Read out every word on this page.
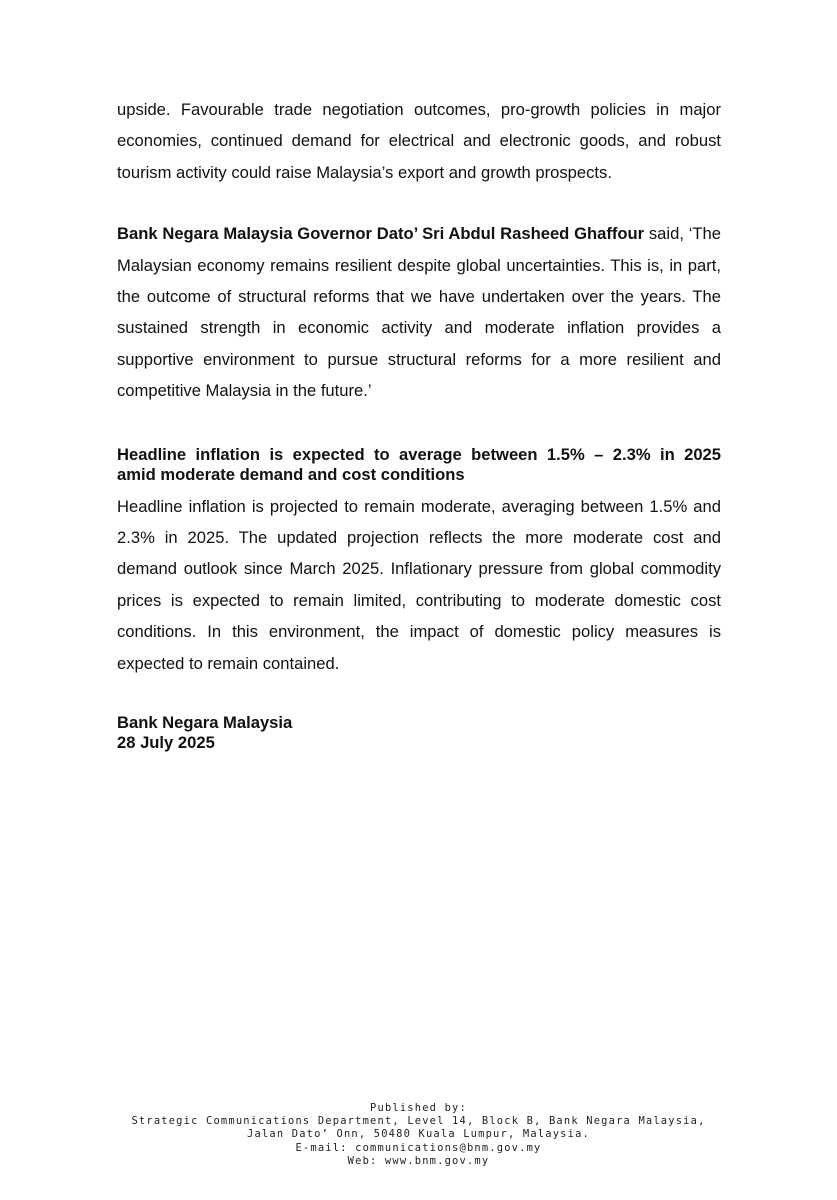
upside. Favourable trade negotiation outcomes, pro-growth policies in major economies, continued demand for electrical and electronic goods, and robust tourism activity could raise Malaysia’s export and growth prospects.

Bank Negara Malaysia Governor Dato’ Sri Abdul Rasheed Ghaffour said, ‘The Malaysian economy remains resilient despite global uncertainties. This is, in part, the outcome of structural reforms that we have undertaken over the years. The sustained strength in economic activity and moderate inflation provides a supportive environment to pursue structural reforms for a more resilient and competitive Malaysia in the future.’

Headline inflation is expected to average between 1.5% – 2.3% in 2025
amid moderate demand and cost conditions

Headline inflation is projected to remain moderate, averaging between 1.5% and 2.3% in 2025. The updated projection reflects the more moderate cost and demand outlook since March 2025. Inflationary pressure from global commodity prices is expected to remain limited, contributing to moderate domestic cost conditions. In this environment, the impact of domestic policy measures is expected to remain contained.

Bank Negara Malaysia
28 July 2025
Published by:
Strategic Communications Department, Level 14, Block B, Bank Negara Malaysia,
Jalan Dato’ Onn, 50480 Kuala Lumpur, Malaysia.
E-mail: communications@bnm.gov.my
Web: www.bnm.gov.my
